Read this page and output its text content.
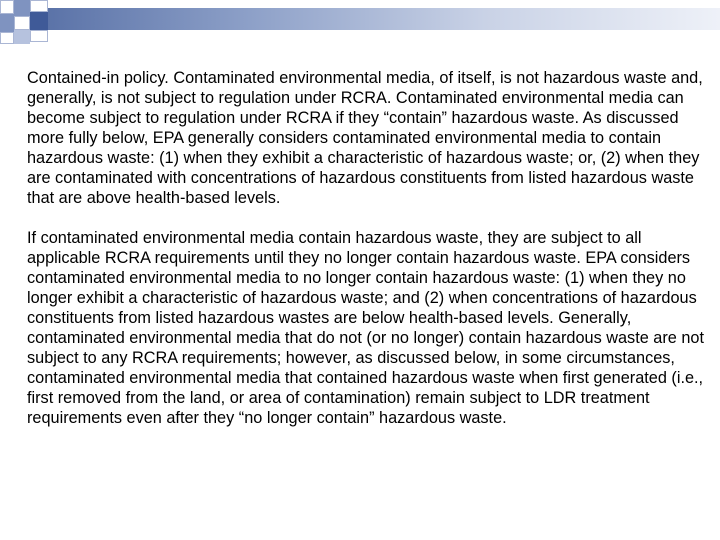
Contained-in policy. Contaminated environmental media, of itself, is not hazardous waste and, generally, is not subject to regulation under RCRA. Contaminated environmental media can become subject to regulation under RCRA if they “contain” hazardous waste. As discussed more fully below, EPA generally considers contaminated environmental media to contain hazardous waste: (1) when they exhibit a characteristic of hazardous waste; or, (2) when they are contaminated with concentrations of hazardous constituents from listed hazardous waste that are above health-based levels.

If contaminated environmental media contain hazardous waste, they are subject to all applicable RCRA requirements until they no longer contain hazardous waste. EPA considers contaminated environmental media to no longer contain hazardous waste: (1) when they no longer exhibit a characteristic of hazardous waste; and (2) when concentrations of hazardous constituents from listed hazardous wastes are below health-based levels. Generally, contaminated environmental media that do not (or no longer) contain hazardous waste are not subject to any RCRA requirements; however, as discussed below, in some circumstances, contaminated environmental media that contained hazardous waste when first generated (i.e., first removed from the land, or area of contamination) remain subject to LDR treatment requirements even after they “no longer contain” hazardous waste.
